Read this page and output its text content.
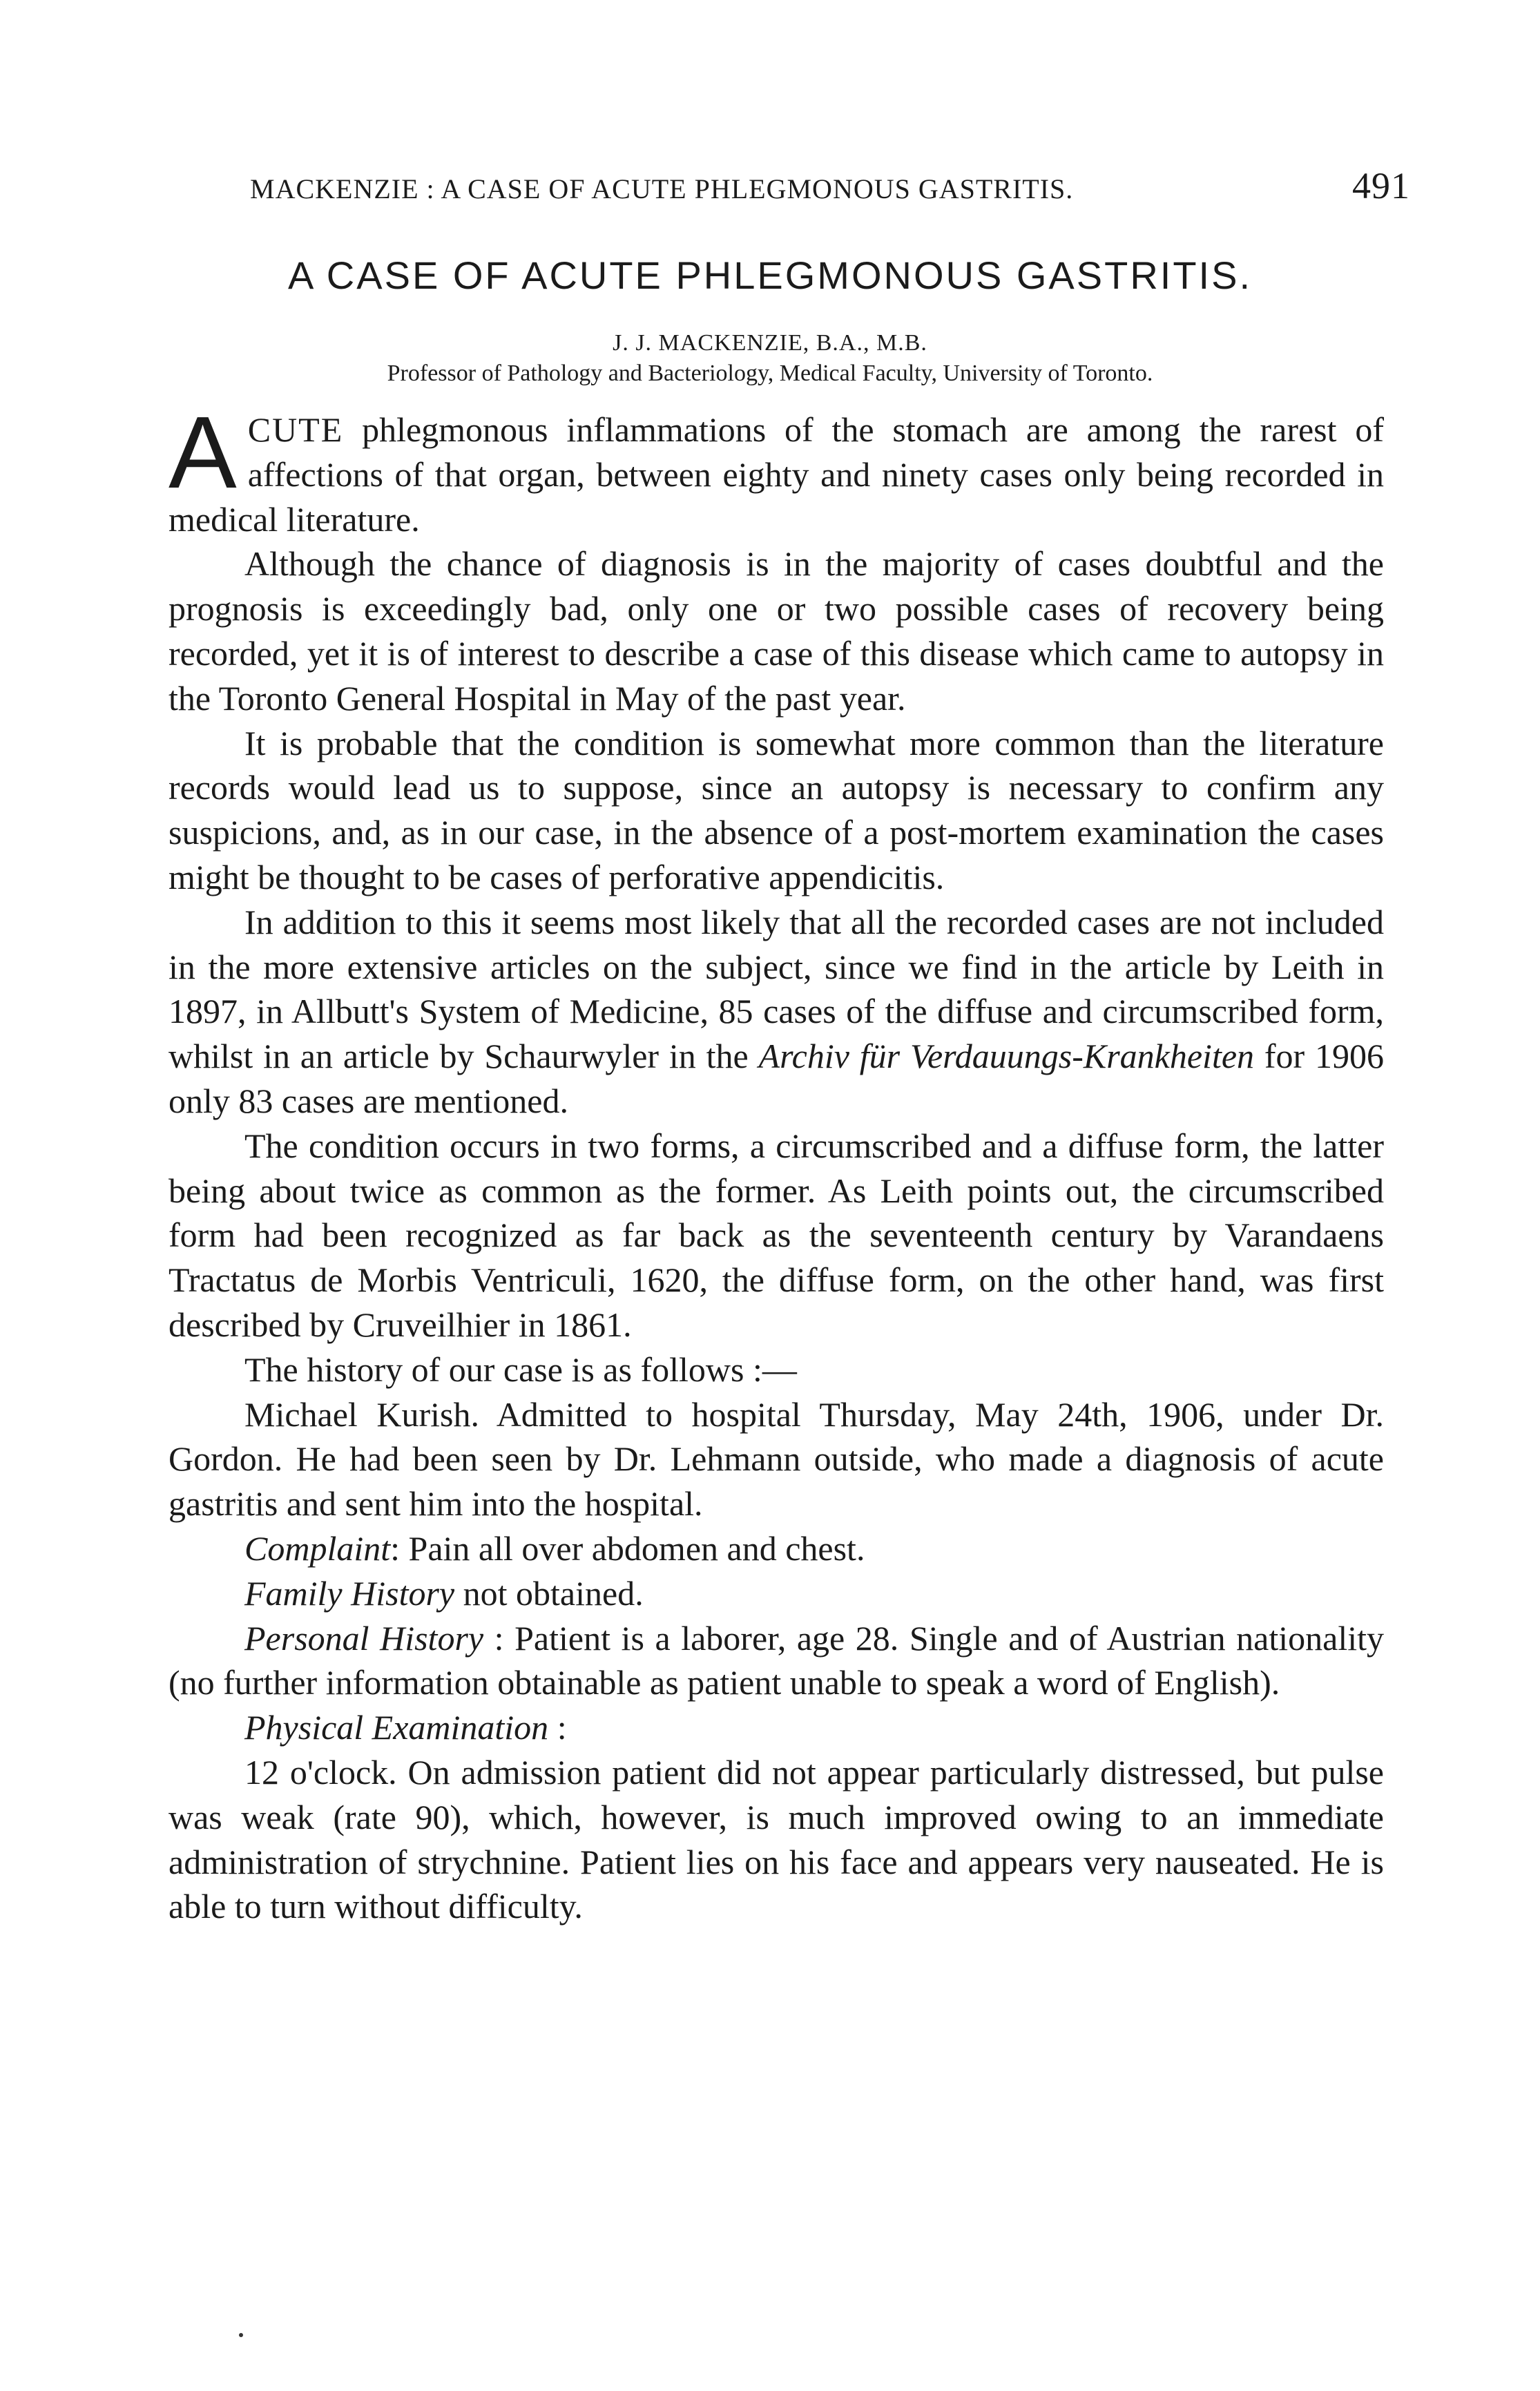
MACKENZIE : A CASE OF ACUTE PHLEGMONOUS GASTRITIS.	491
A CASE OF ACUTE PHLEGMONOUS GASTRITIS.
J. J. MACKENZIE, B.A., M.B.
Professor of Pathology and Bacteriology, Medical Faculty, University of Toronto.

ACUTE phlegmonous inflammations of the stomach are among the rarest of affections of that organ, between eighty and ninety cases only being recorded in medical literature.

Although the chance of diagnosis is in the majority of cases doubtful and the prognosis is exceedingly bad, only one or two possible cases of recovery being recorded, yet it is of interest to describe a case of this disease which came to autopsy in the Toronto General Hospital in May of the past year.

It is probable that the condition is somewhat more common than the literature records would lead us to suppose, since an autopsy is necessary to confirm any suspicions, and, as in our case, in the absence of a post-mortem examination the cases might be thought to be cases of perforative appendicitis.

In addition to this it seems most likely that all the recorded cases are not included in the more extensive articles on the subject, since we find in the article by Leith in 1897, in Allbutt's System of Medicine, 85 cases of the diffuse and circumscribed form, whilst in an article by Schaurwyler in the Archiv für Verdauungs-Krankheiten for 1906 only 83 cases are mentioned.

The condition occurs in two forms, a circumscribed and a diffuse form, the latter being about twice as common as the former. As Leith points out, the circumscribed form had been recognized as far back as the seventeenth century by Varandaens Tractatus de Morbis Ventriculi, 1620, the diffuse form, on the other hand, was first described by Cruveilhier in 1861.

The history of our case is as follows :—

Michael Kurish. Admitted to hospital Thursday, May 24th, 1906, under Dr. Gordon. He had been seen by Dr. Lehmann outside, who made a diagnosis of acute gastritis and sent him into the hospital.

Complaint: Pain all over abdomen and chest.

Family History not obtained.

Personal History : Patient is a laborer, age 28. Single and of Austrian nationality (no further information obtainable as patient unable to speak a word of English).

Physical Examination :

12 o'clock. On admission patient did not appear particularly distressed, but pulse was weak (rate 90), which, however, is much improved owing to an immediate administration of strychnine. Patient lies on his face and appears very nauseated. He is able to turn without difficulty.
